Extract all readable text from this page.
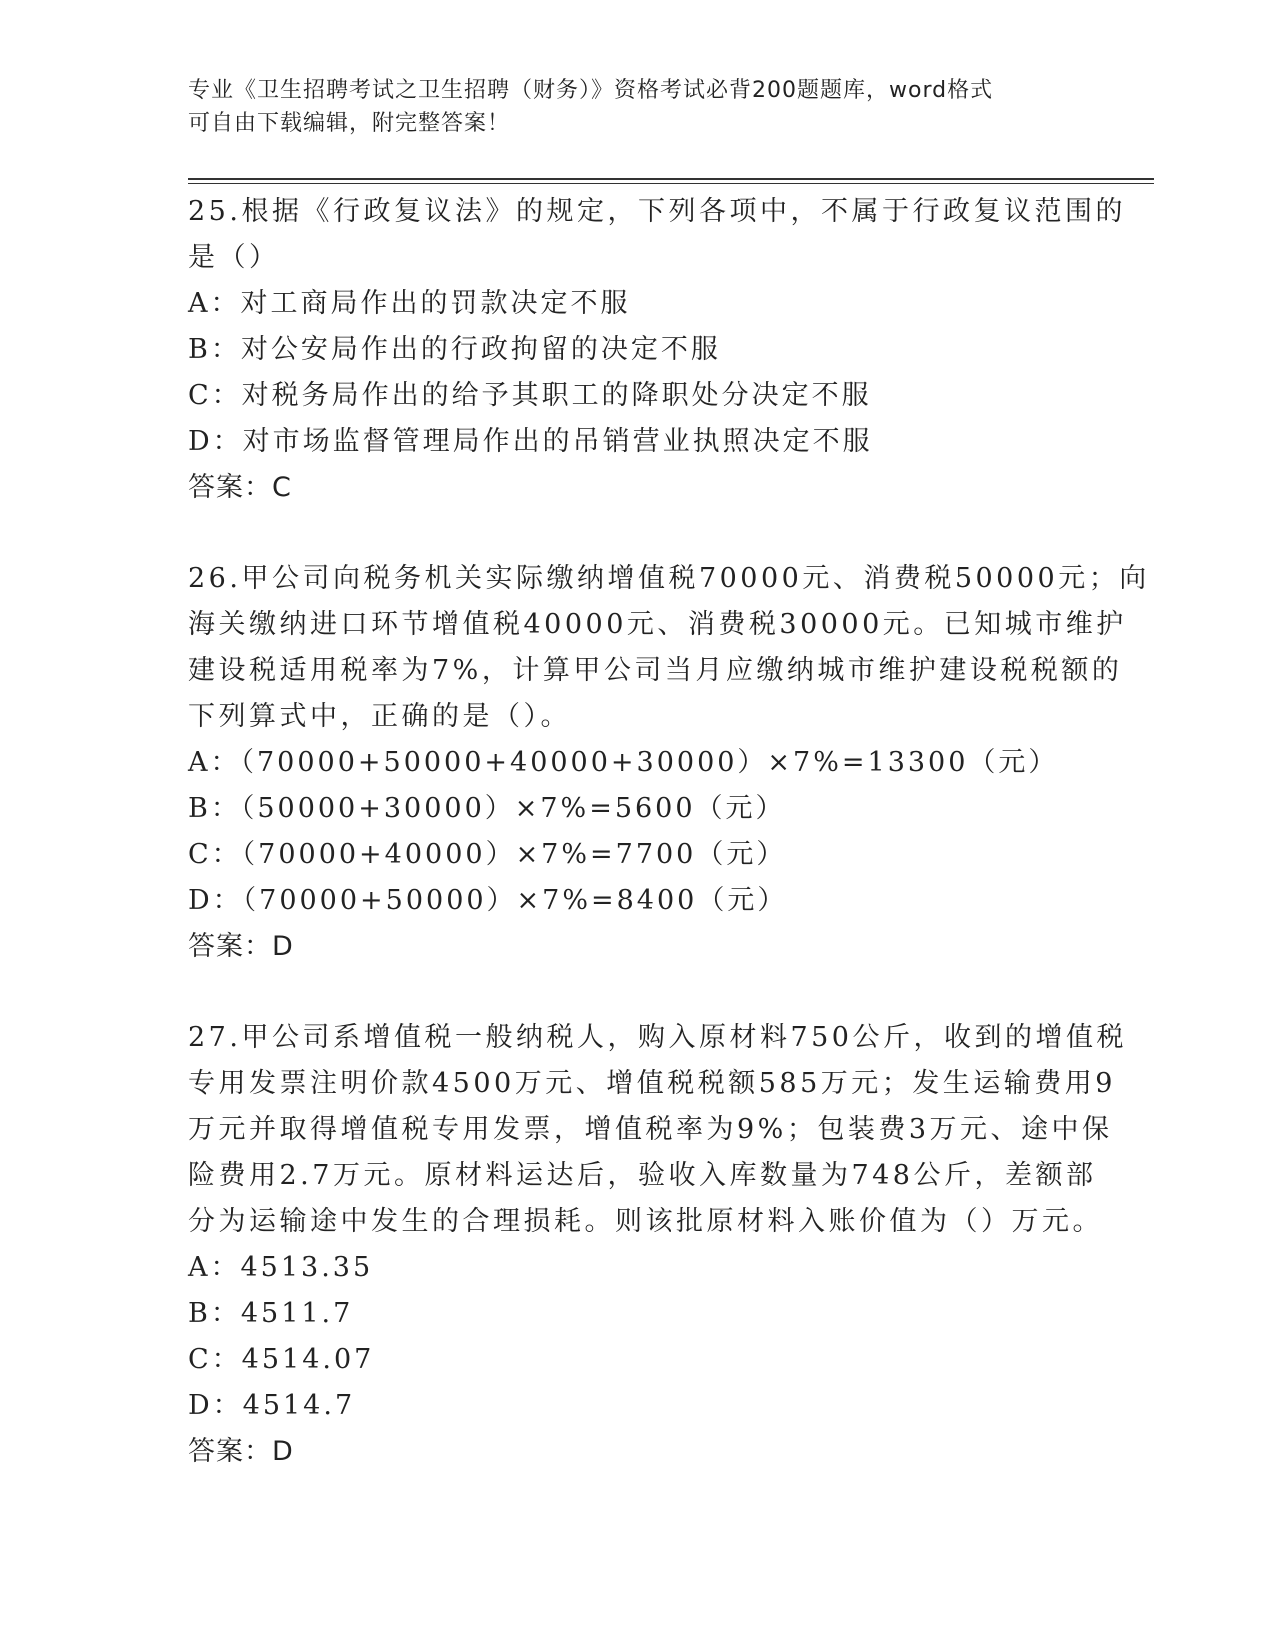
专业《卫生招聘考试之卫生招聘（财务）》资格考试必背200题题库，word格式
可自由下载编辑，附完整答案！
25.根据《行政复议法》的规定，下列各项中，不属于行政复议范围的
是（）
A：对工商局作出的罚款决定不服
B：对公安局作出的行政拘留的决定不服
C：对税务局作出的给予其职工的降职处分决定不服
D：对市场监督管理局作出的吊销营业执照决定不服
答案：C
26.甲公司向税务机关实际缴纳增值税70000元、消费税50000元；向
海关缴纳进口环节增值税40000元、消费税30000元。已知城市维护
建设税适用税率为7%，计算甲公司当月应缴纳城市维护建设税税额的
下列算式中，正确的是（）。
A：（70000+50000+40000+30000）×7%=13300（元）
B：（50000+30000）×7%=5600（元）
C：（70000+40000）×7%=7700（元）
D：（70000+50000）×7%=8400（元）
答案：D
27.甲公司系增值税一般纳税人，购入原材料750公斤，收到的增值税
专用发票注明价款4500万元、增值税税额585万元；发生运输费用9
万元并取得增值税专用发票，增值税率为9%；包装费3万元、途中保
险费用2.7万元。原材料运达后，验收入库数量为748公斤，差额部
分为运输途中发生的合理损耗。则该批原材料入账价值为（）万元。
A：4513.35
B：4511.7
C：4514.07
D：4514.7
答案：D
